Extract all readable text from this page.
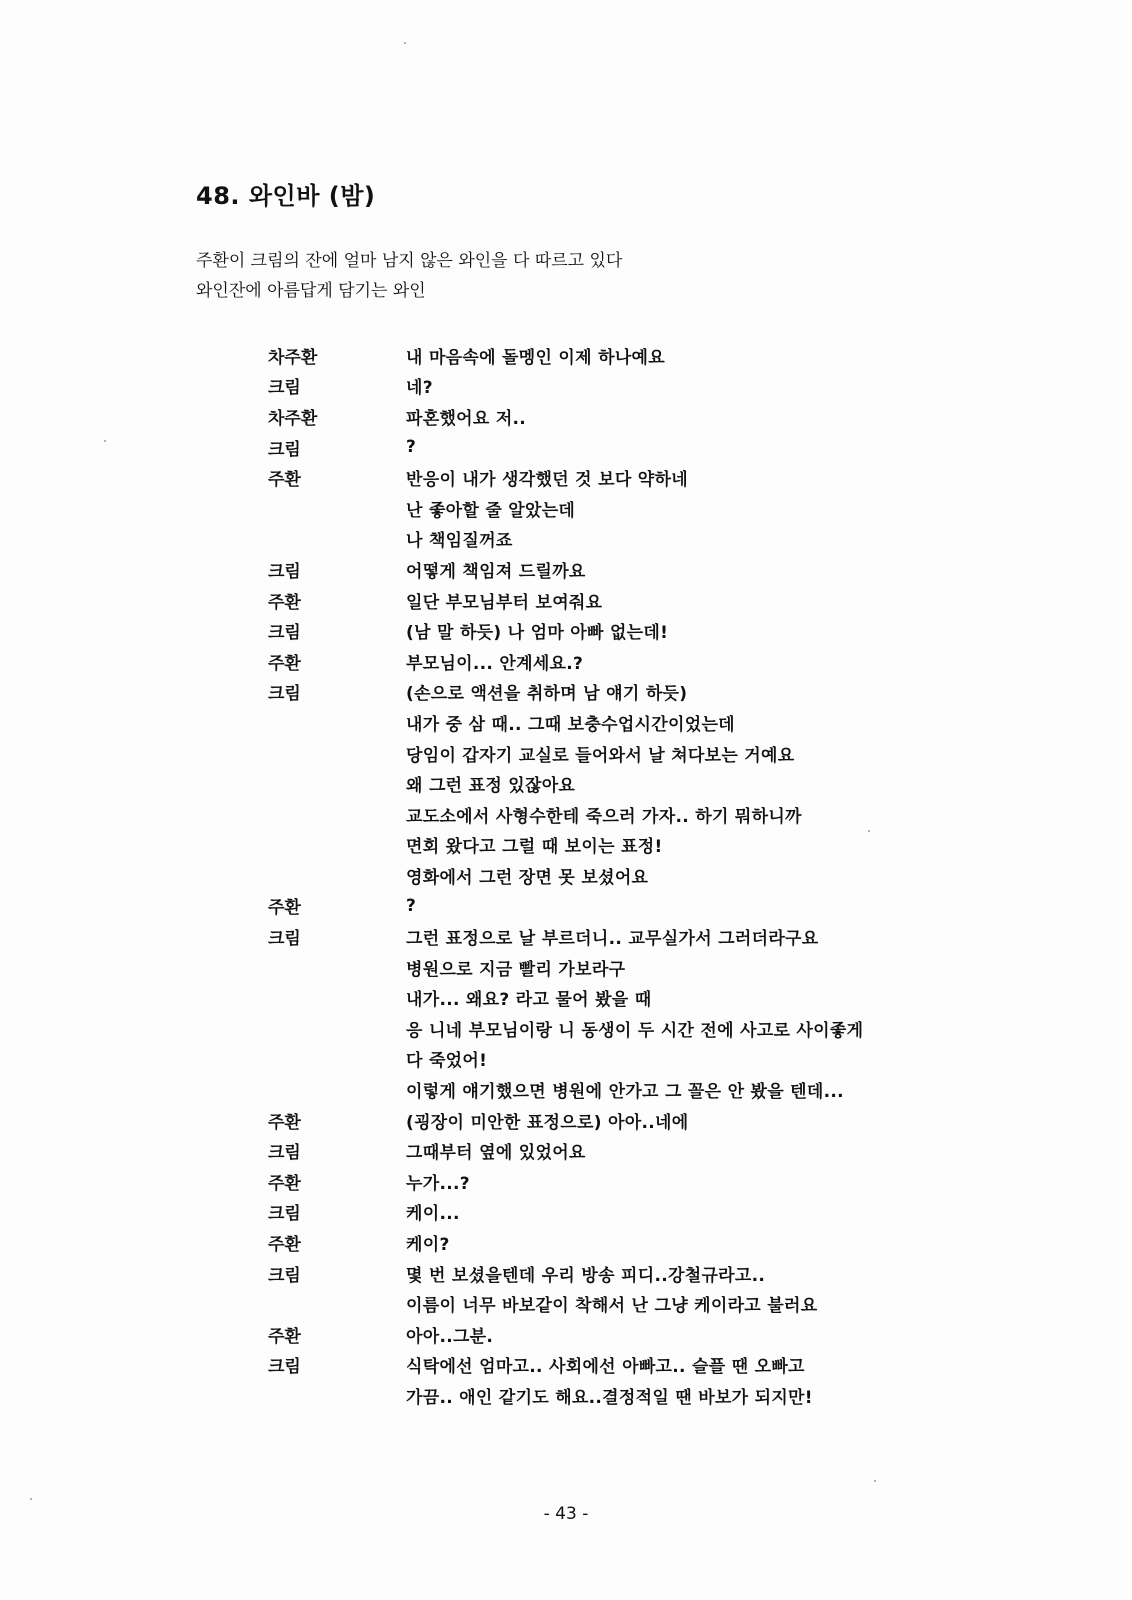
48. 와인바 (밤)
주환이 크림의 잔에 얼마 남지 않은 와인을 다 따르고 있다
와인잔에 아름답게 담기는 와인
차주환	내 마음속에 돌멩인 이제 하나예요
크림	네?
차주환	파혼했어요 저..
크림	?
주환	반응이 내가 생각했던 것 보다 약하네
난 좋아할 줄 알았는데
나 책임질꺼죠
크림	어떻게 책임져 드릴까요
주환	일단 부모님부터 보여줘요
크림	(남 말 하듯) 나 엄마 아빠 없는데!
주환	부모님이... 안계세요.?
크림	(손으로 액션을 취하며 남 얘기 하듯)
내가 중 삼 때.. 그때 보충수업시간이었는데
당임이 갑자기 교실로 들어와서 날 쳐다보는 거예요
왜 그런 표정 있잖아요
교도소에서 사형수한테 죽으러 가자.. 하기 뭐하니까
면회 왔다고 그럴 때 보이는 표정!
영화에서 그런 장면 못 보셨어요
주환	?
크림	그런 표정으로 날 부르더니.. 교무실가서 그러더라구요
병원으로 지금 빨리 가보라구
내가... 왜요? 라고 물어 봤을 때
응 니네 부모님이랑 니 동생이 두 시간 전에 사고로 사이좋게
다 죽었어!
이렇게 얘기했으면 병원에 안가고 그 꼴은 안 봤을 텐데...
주환	(굉장이 미안한 표정으로) 아아..네에
크림	그때부터 옆에 있었어요
주환	누가...?
크림	케이...
주환	케이?
크림	몇 번 보셨을텐데 우리 방송 피디..강철규라고..
이름이 너무 바보같이 착해서 난 그냥 케이라고 불러요
주환	아아..그분.
크림	식탁에선 엄마고.. 사회에선 아빠고.. 슬플 땐 오빠고
가끔.. 애인 같기도 해요..결정적일 땐 바보가 되지만!
- 43 -
